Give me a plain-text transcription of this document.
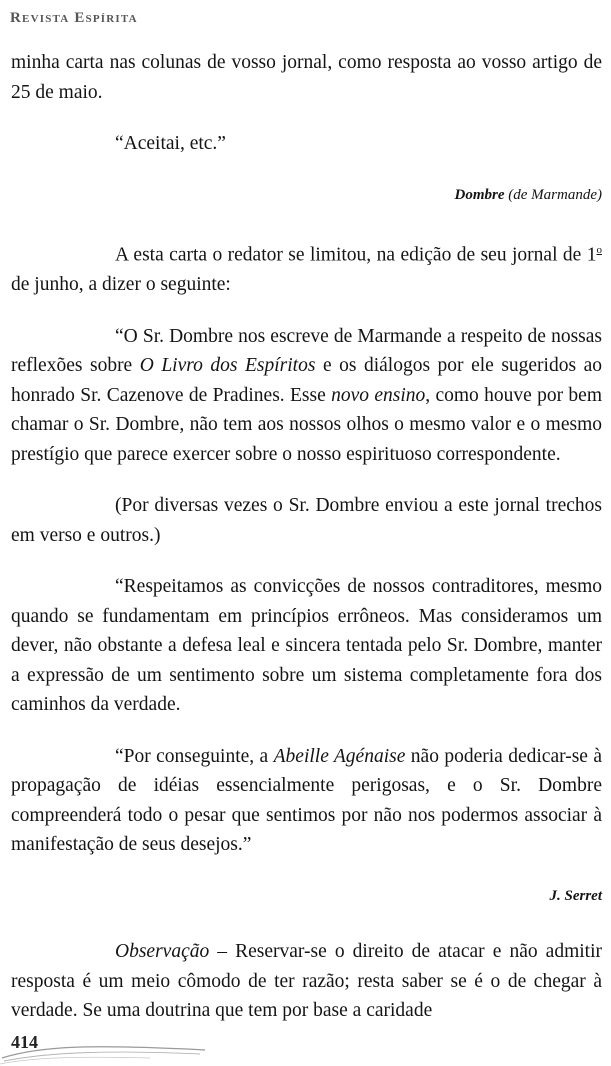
Revista Espírita

minha carta nas colunas de vosso jornal, como resposta ao vosso artigo de 25 de maio.

“Aceitai, etc.”

Dombre (de Marmande)

A esta carta o redator se limitou, na edição de seu jornal de 1$^o$ de junho, a dizer o seguinte:

“O Sr. Dombre nos escreve de Marmande a respeito de nossas reflexões sobre O Livro dos Espíritos e os diálogos por ele sugeridos ao honrado Sr. Cazenove de Pradines. Esse novo ensino, como houve por bem chamar o Sr. Dombre, não tem aos nossos olhos o mesmo valor e o mesmo prestígio que parece exercer sobre o nosso espirituoso correspondente.

(Por diversas vezes o Sr. Dombre enviou a este jornal trechos em verso e outros.)

“Respeitamos as convicções de nossos contraditores, mesmo quando se fundamentam em princípios errôneos. Mas consideramos um dever, não obstante a defesa leal e sincera tentada pelo Sr. Dombre, manter a expressão de um sentimento sobre um sistema completamente fora dos caminhos da verdade.

“Por conseguinte, a Abeille Agénaise não poderia dedicar-se à propagação de idéias essencialmente perigosas, e o Sr. Dombre compreenderá todo o pesar que sentimos por não nos podermos associar à manifestação de seus desejos.”

J. Serret

Observação – Reservar-se o direito de atacar e não admitir resposta é um meio cômodo de ter razão; resta saber se é o de chegar à verdade. Se uma doutrina que tem por base a caridade

414
